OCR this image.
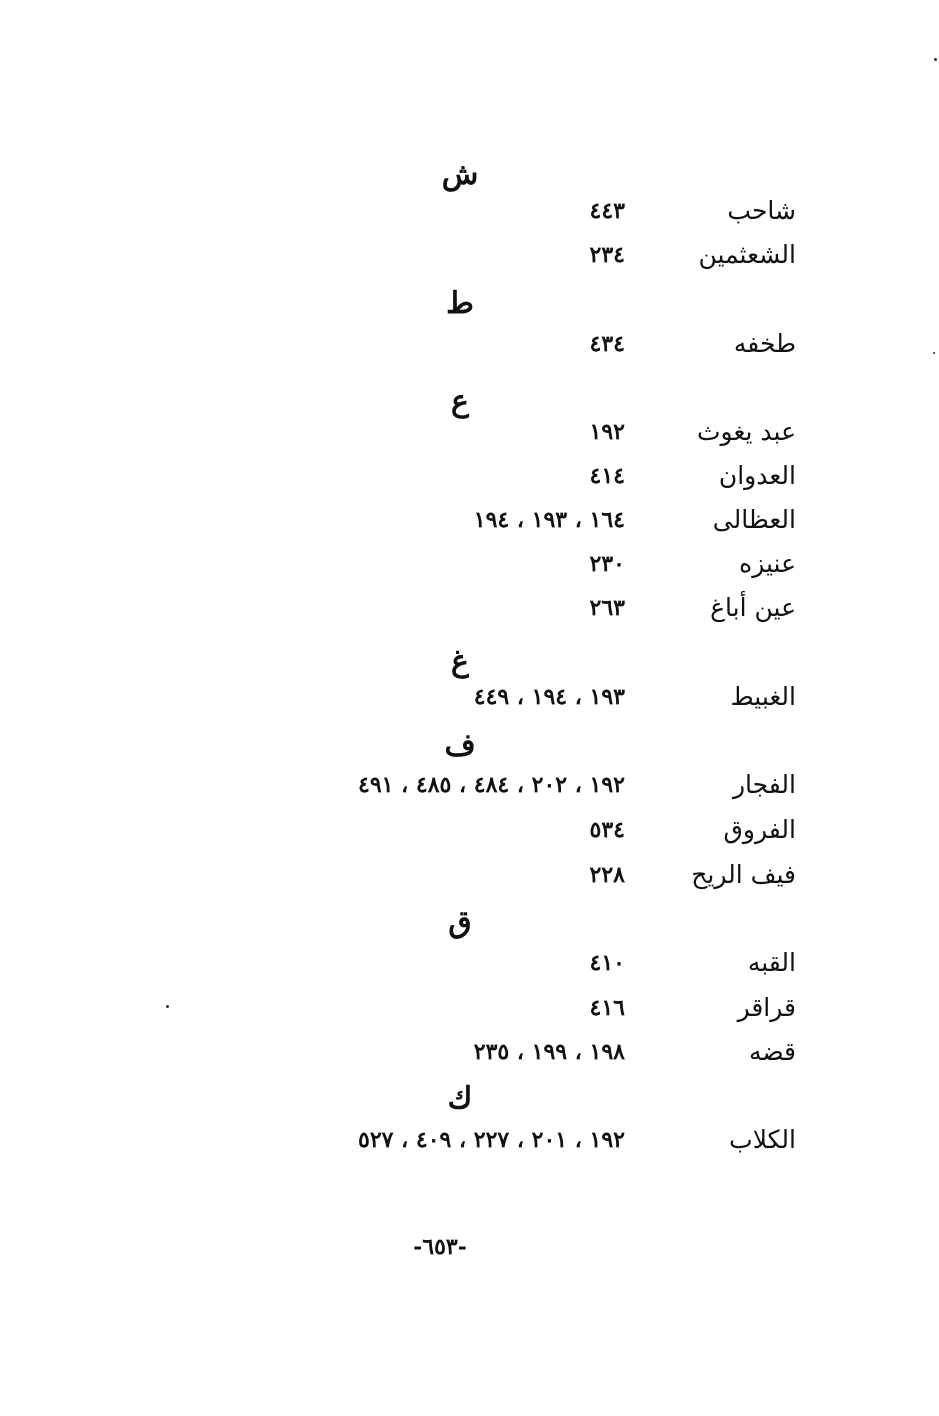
ش
شاحب
٤٤٣
الشعثمين
٢٣٤
ط
طخفه
٤٣٤
ع
عبد يغوث
١٩٢
العدوان
٤١٤
العظالى
١٦٤ ، ١٩٣ ، ١٩٤
عنيزه
٢٣٠
عين أباغ
٢٦٣
غ
الغبيط
١٩٣ ، ١٩٤ ، ٤٤٩
ف
الفجار
١٩٢ ، ٢٠٢ ، ٤٨٤ ، ٤٨٥ ، ٤٩١
الفروق
٥٣٤
فيف الريح
٢٢٨
ق
القبه
٤١٠
قراقر
٤١٦
قضه
١٩٨ ، ١٩٩ ، ٢٣٥
ك
الكلاب
١٩٢ ، ٢٠١ ، ٢٢٧ ، ٤٠٩ ، ٥٢٧
-٦٥٣-
